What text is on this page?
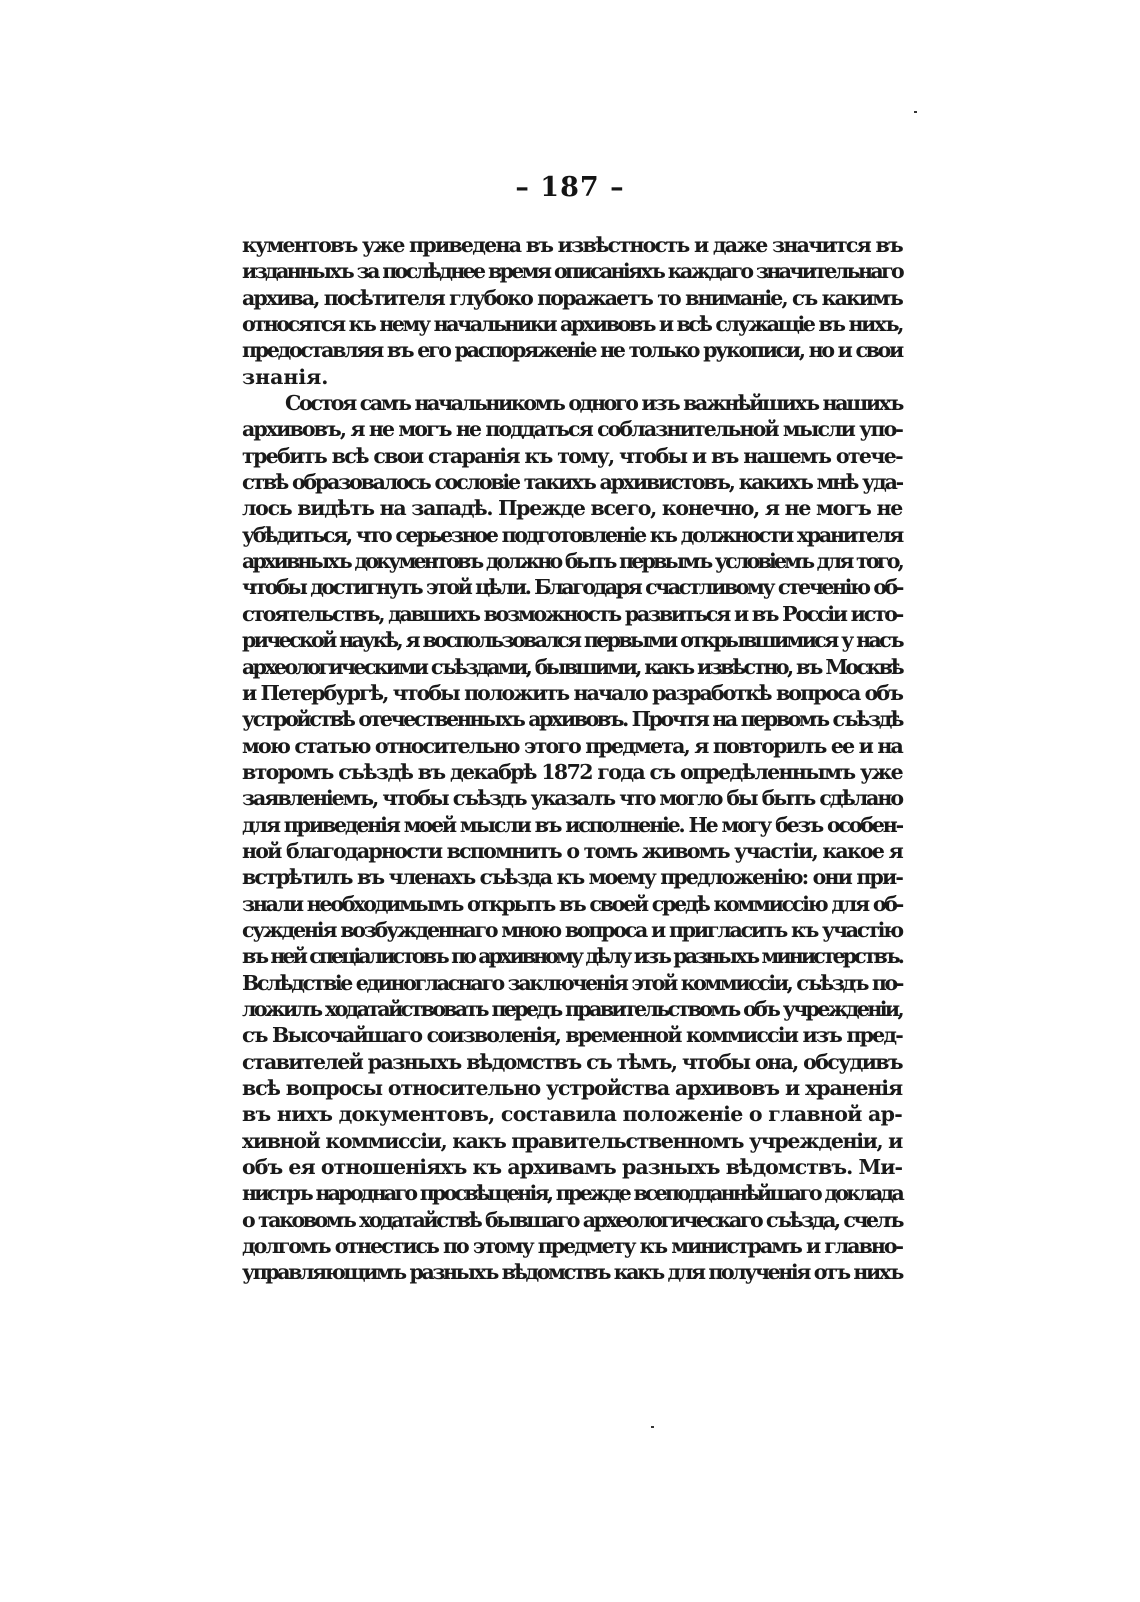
– 187 –
кументовъ уже приведена въ извѣстность и даже значится въ
изданныхъ за послѣднее время описаніяхъ каждаго значительнаго
архива, посѣтителя глубоко поражаетъ то вниманіе, съ какимъ
относятся къ нему начальники архивовъ и всѣ служащіе въ нихъ,
предоставляя въ его распоряженіе не только рукописи, но и свои
знанія.
Состоя самъ начальникомъ одного изъ важнѣйшихъ нашихъ
архивовъ, я не могъ не поддаться соблазнительной мысли упо-
требить всѣ свои старанія къ тому, чтобы и въ нашемъ отече-
ствѣ образовалось сословіе такихъ архивистовъ, какихъ мнѣ уда-
лось видѣть на западѣ. Прежде всего, конечно, я не могъ не
убѣдиться, что серьезное подготовленіе къ должности хранителя
архивныхъ документовъ должно быть первымъ условіемъ для того,
чтобы достигнуть этой цѣли. Благодаря счастливому стеченію об-
стоятельствъ, давшихъ возможность развиться и въ Россіи исто-
рической наукѣ, я воспользовался первыми открывшимися у насъ
археологическими съѣздами, бывшими, какъ извѣстно, въ Москвѣ
и Петербургѣ, чтобы положить начало разработкѣ вопроса объ
устройствѣ отечественныхъ архивовъ. Прочтя на первомъ съѣздѣ
мою статью относительно этого предмета, я повторилъ ее и на
второмъ съѣздѣ въ декабрѣ 1872 года съ опредѣленнымъ уже
заявленіемъ, чтобы съѣздъ указалъ что могло бы быть сдѣлано
для приведенія моей мысли въ исполненіе. Не могу безъ особен-
ной благодарности вспомнить о томъ живомъ участіи, какое я
встрѣтилъ въ членахъ съѣзда къ моему предложенію: они при-
знали необходимымъ открыть въ своей средѣ коммиссію для об-
сужденія возбужденнаго мною вопроса и пригласить къ участію
въ ней спеціалистовъ по архивному дѣлу изъ разныхъ министерствъ.
Вслѣдствіе единогласнаго заключенія этой коммиссіи, съѣздъ по-
ложилъ ходатайствовать передъ правительствомъ объ учрежденіи,
съ Высочайшаго соизволенія, временной коммиссіи изъ пред-
ставителей разныхъ вѣдомствъ съ тѣмъ, чтобы она, обсудивъ
всѣ вопросы относительно устройства архивовъ и храненія
въ нихъ документовъ, составила положеніе о главной ар-
хивной коммиссіи, какъ правительственномъ учрежденіи, и
объ ея отношеніяхъ къ архивамъ разныхъ вѣдомствъ. Ми-
нистръ народнаго просвѣщенія, прежде всеподданнѣйшаго доклада
о таковомъ ходатайствѣ бывшаго археологическаго съѣзда, счелъ
долгомъ отнестись по этому предмету къ министрамъ и главно-
управляющимъ разныхъ вѣдомствъ какъ для полученія отъ нихъ
